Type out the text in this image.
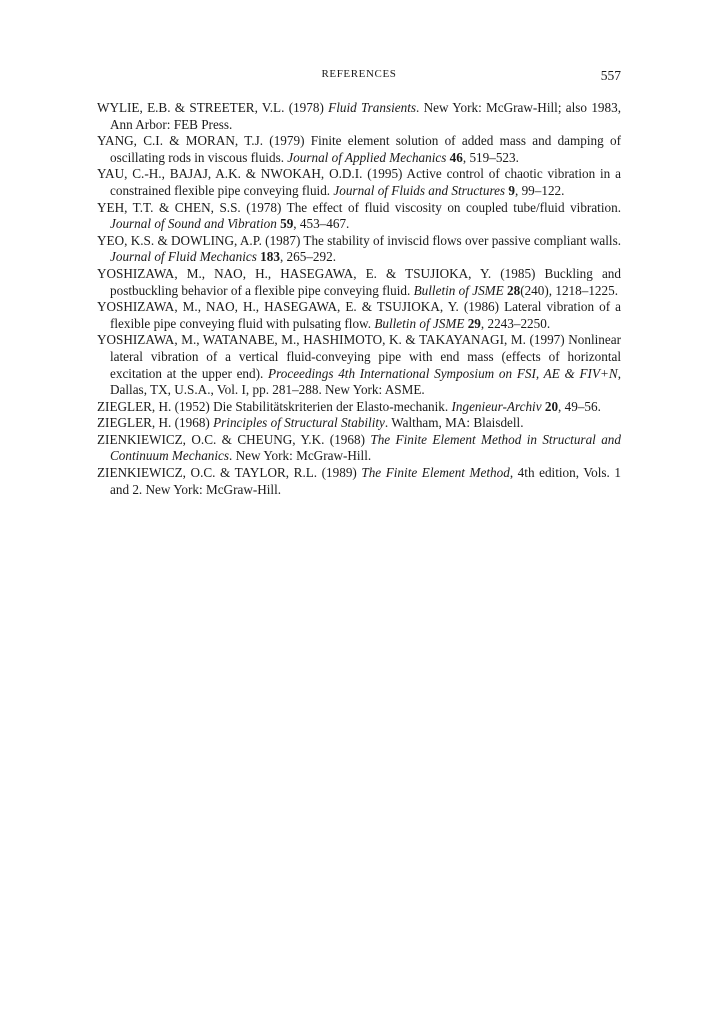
REFERENCES	557
WYLIE, E.B. & STREETER, V.L. (1978) Fluid Transients. New York: McGraw-Hill; also 1983, Ann Arbor: FEB Press.
YANG, C.I. & MORAN, T.J. (1979) Finite element solution of added mass and damping of oscillating rods in viscous fluids. Journal of Applied Mechanics 46, 519–523.
YAU, C.-H., BAJAJ, A.K. & NWOKAH, O.D.I. (1995) Active control of chaotic vibration in a constrained flexible pipe conveying fluid. Journal of Fluids and Structures 9, 99–122.
YEH, T.T. & CHEN, S.S. (1978) The effect of fluid viscosity on coupled tube/fluid vibration. Journal of Sound and Vibration 59, 453–467.
YEO, K.S. & DOWLING, A.P. (1987) The stability of inviscid flows over passive compliant walls. Journal of Fluid Mechanics 183, 265–292.
YOSHIZAWA, M., NAO, H., HASEGAWA, E. & TSUJIOKA, Y. (1985) Buckling and postbuckling behavior of a flexible pipe conveying fluid. Bulletin of JSME 28(240), 1218–1225.
YOSHIZAWA, M., NAO, H., HASEGAWA, E. & TSUJIOKA, Y. (1986) Lateral vibration of a flexible pipe conveying fluid with pulsating flow. Bulletin of JSME 29, 2243–2250.
YOSHIZAWA, M., WATANABE, M., HASHIMOTO, K. & TAKAYANAGI, M. (1997) Nonlinear lateral vibration of a vertical fluid-conveying pipe with end mass (effects of horizontal excitation at the upper end). Proceedings 4th International Symposium on FSI, AE & FIV+N, Dallas, TX, U.S.A., Vol. I, pp. 281–288. New York: ASME.
ZIEGLER, H. (1952) Die Stabilitätskriterien der Elasto-mechanik. Ingenieur-Archiv 20, 49–56.
ZIEGLER, H. (1968) Principles of Structural Stability. Waltham, MA: Blaisdell.
ZIENKIEWICZ, O.C. & CHEUNG, Y.K. (1968) The Finite Element Method in Structural and Continuum Mechanics. New York: McGraw-Hill.
ZIENKIEWICZ, O.C. & TAYLOR, R.L. (1989) The Finite Element Method, 4th edition, Vols. 1 and 2. New York: McGraw-Hill.
